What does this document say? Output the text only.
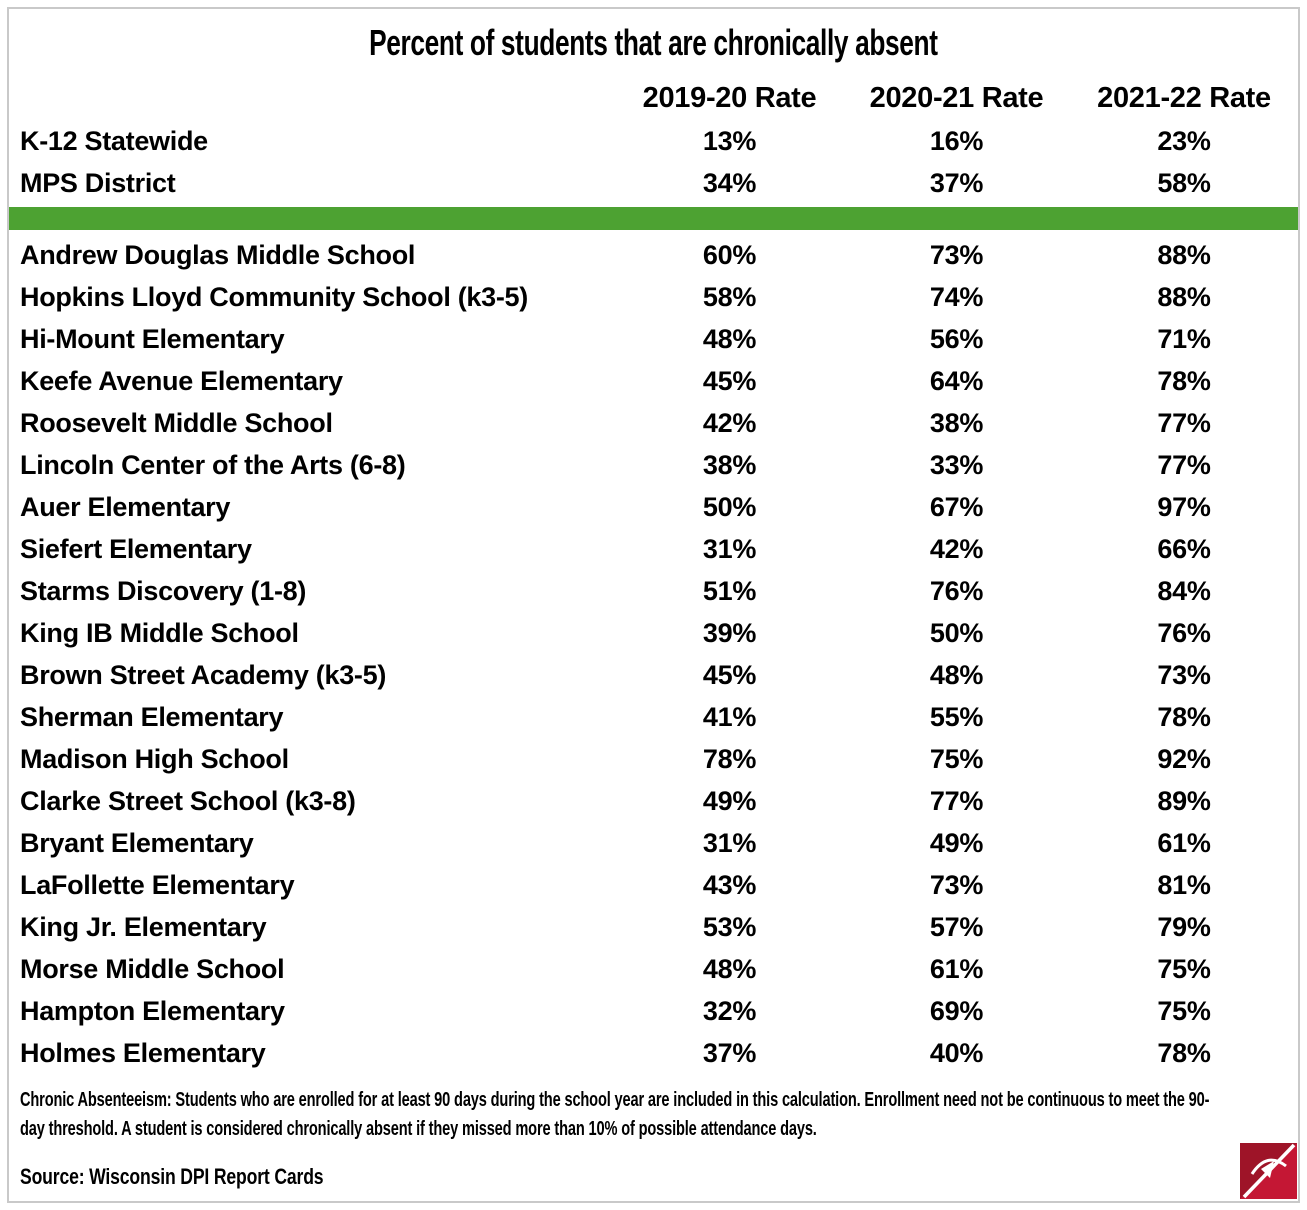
Percent of students that are chronically absent
2019-20 Rate	2020-21 Rate	2021-22 Rate
K-12 Statewide	13%	16%	23%
MPS District	34%	37%	58%
Andrew Douglas Middle School	60%	73%	88%
Hopkins Lloyd Community School (k3-5)	58%	74%	88%
Hi-Mount Elementary	48%	56%	71%
Keefe Avenue Elementary	45%	64%	78%
Roosevelt Middle School	42%	38%	77%
Lincoln Center of the Arts (6-8)	38%	33%	77%
Auer Elementary	50%	67%	97%
Siefert Elementary	31%	42%	66%
Starms Discovery (1-8)	51%	76%	84%
King IB Middle School	39%	50%	76%
Brown Street Academy (k3-5)	45%	48%	73%
Sherman Elementary	41%	55%	78%
Madison High School	78%	75%	92%
Clarke Street School (k3-8)	49%	77%	89%
Bryant Elementary	31%	49%	61%
LaFollette Elementary	43%	73%	81%
King Jr. Elementary	53%	57%	79%
Morse Middle School	48%	61%	75%
Hampton Elementary	32%	69%	75%
Holmes Elementary	37%	40%	78%

Chronic Absenteeism: Students who are enrolled for at least 90 days during the school year are included in this calculation. Enrollment need not be continuous to meet the 90-day threshold. A student is considered chronically absent if they missed more than 10% of possible attendance days.

Source: Wisconsin DPI Report Cards
